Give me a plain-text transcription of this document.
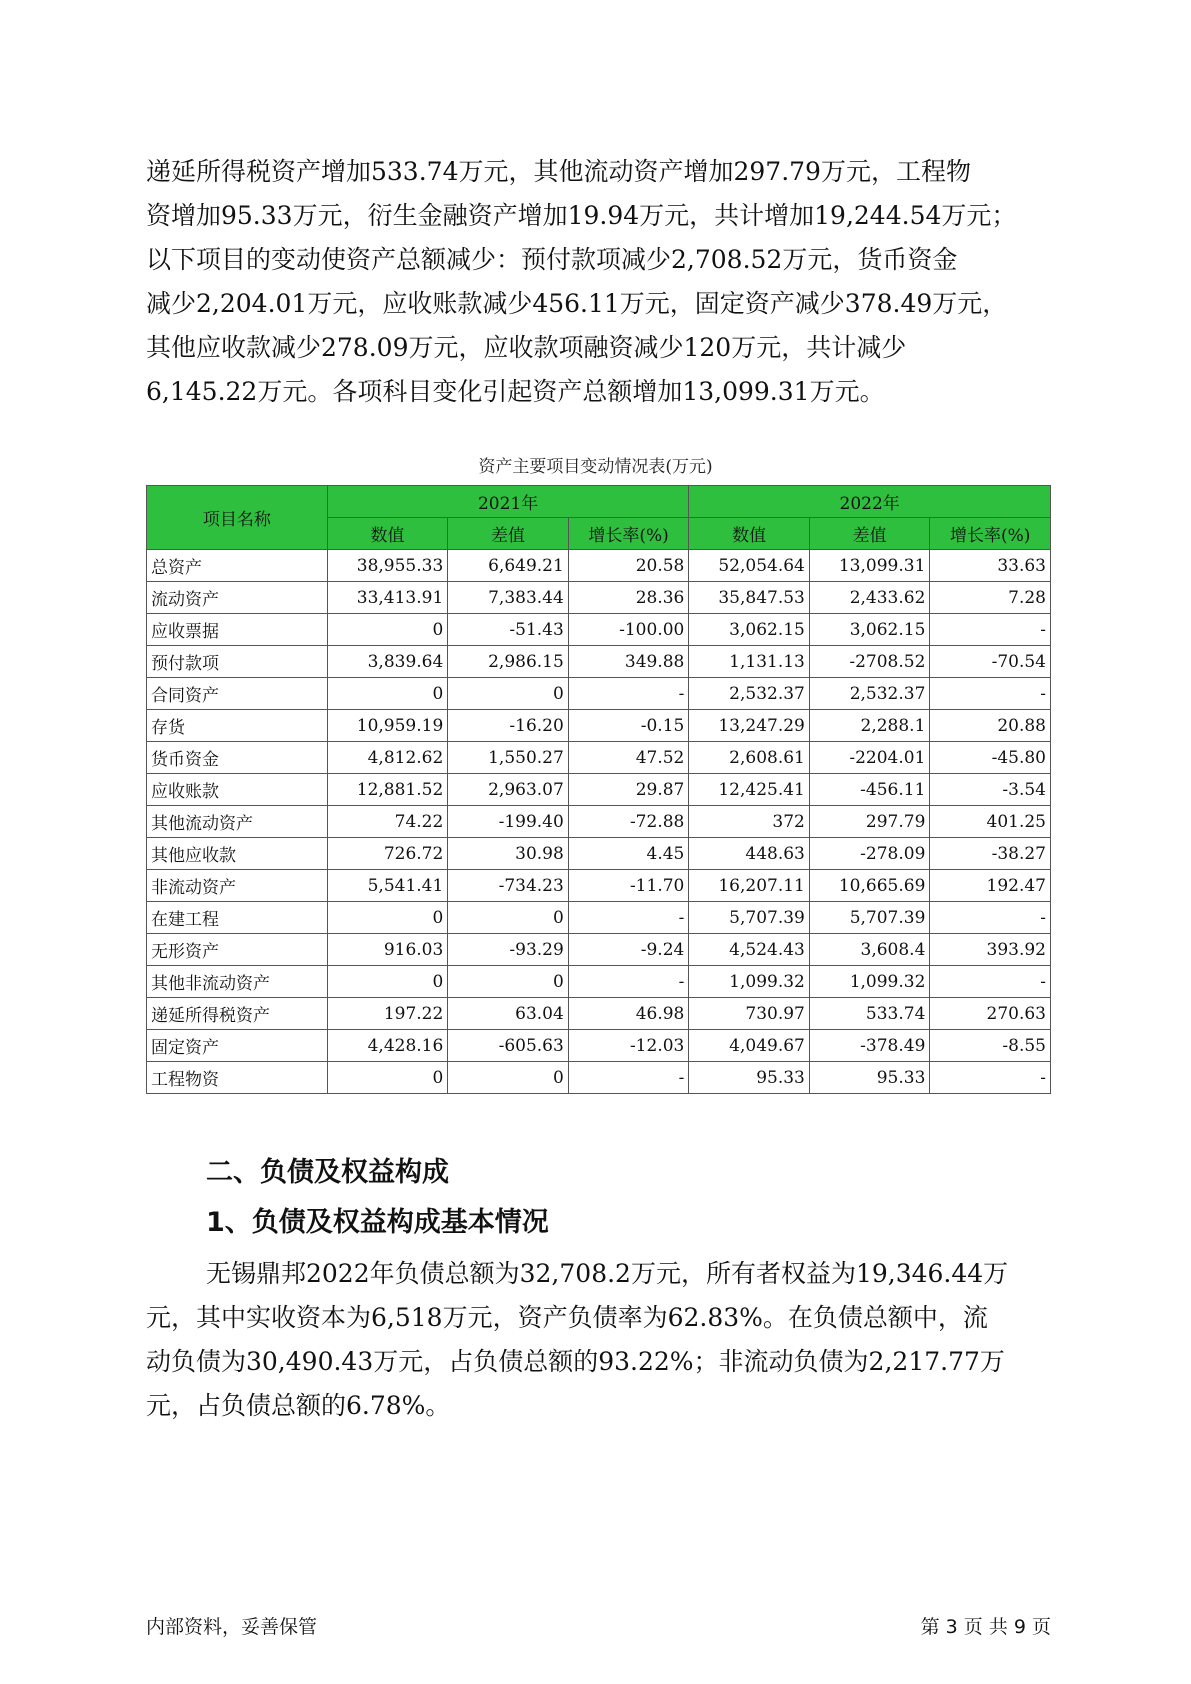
递延所得税资产增加533.74万元，其他流动资产增加297.79万元，工程物
资增加95.33万元，衍生金融资产增加19.94万元，共计增加19,244.54万元；
以下项目的变动使资产总额减少：预付款项减少2,708.52万元，货币资金
减少2,204.01万元，应收账款减少456.11万元，固定资产减少378.49万元，
其他应收款减少278.09万元，应收款项融资减少120万元，共计减少
6,145.22万元。各项科目变化引起资产总额增加13,099.31万元。
资产主要项目变动情况表(万元)
项目名称	2021年			2022年		
	数值	差值	增长率(%)	数值	差值	增长率(%)
总资产	38,955.33	6,649.21	20.58	52,054.64	13,099.31	33.63
流动资产	33,413.91	7,383.44	28.36	35,847.53	2,433.62	7.28
应收票据	0	-51.43	-100.00	3,062.15	3,062.15	-
预付款项	3,839.64	2,986.15	349.88	1,131.13	-2708.52	-70.54
合同资产	0	0	-	2,532.37	2,532.37	-
存货	10,959.19	-16.20	-0.15	13,247.29	2,288.1	20.88
货币资金	4,812.62	1,550.27	47.52	2,608.61	-2204.01	-45.80
应收账款	12,881.52	2,963.07	29.87	12,425.41	-456.11	-3.54
其他流动资产	74.22	-199.40	-72.88	372	297.79	401.25
其他应收款	726.72	30.98	4.45	448.63	-278.09	-38.27
非流动资产	5,541.41	-734.23	-11.70	16,207.11	10,665.69	192.47
在建工程	0	0	-	5,707.39	5,707.39	-
无形资产	916.03	-93.29	-9.24	4,524.43	3,608.4	393.92
其他非流动资产	0	0	-	1,099.32	1,099.32	-
递延所得税资产	197.22	63.04	46.98	730.97	533.74	270.63
固定资产	4,428.16	-605.63	-12.03	4,049.67	-378.49	-8.55
工程物资	0	0	-	95.33	95.33	-
二、负债及权益构成
1、负债及权益构成基本情况
无锡鼎邦2022年负债总额为32,708.2万元，所有者权益为19,346.44万
元，其中实收资本为6,518万元，资产负债率为62.83%。在负债总额中，流
动负债为30,490.43万元，占负债总额的93.22%；非流动负债为2,217.77万
元，占负债总额的6.78%。
内部资料，妥善保管	第 3 页 共 9 页
